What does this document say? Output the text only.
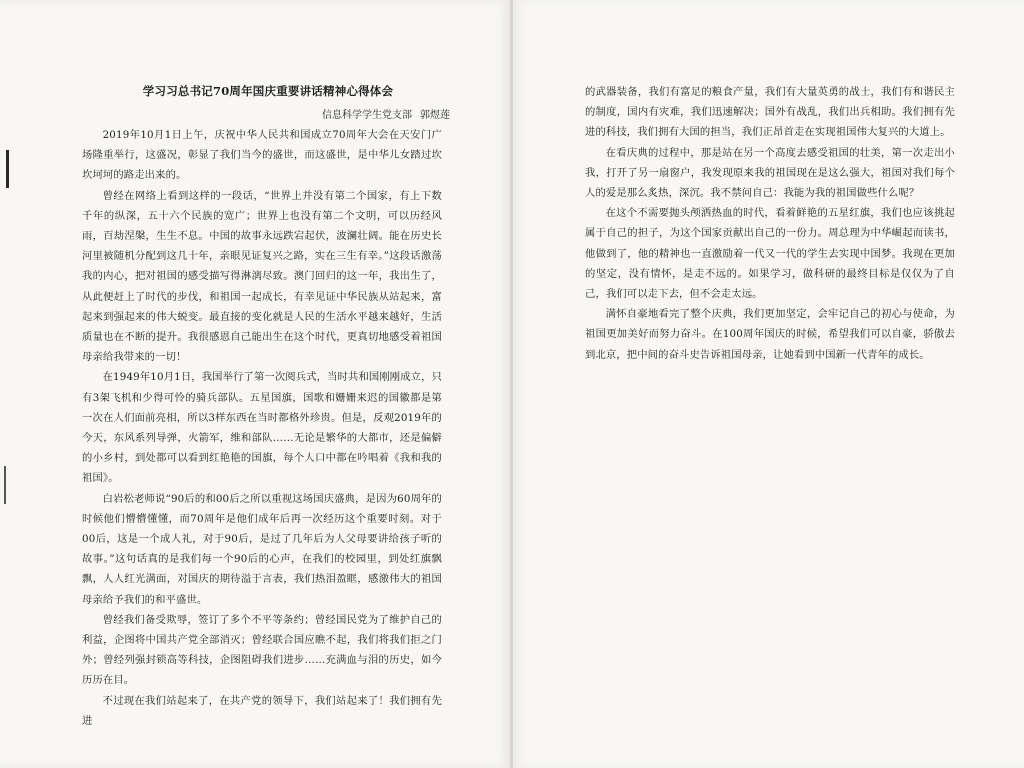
学习习总书记70周年国庆重要讲话精神心得体会
信息科学学生党支部 郭煜莲

2019年10月1日上午，庆祝中华人民共和国成立70周年大会在天安门广场隆重举行，这盛况，彰显了我们当今的盛世，而这盛世，是中华儿女踏过坎坎坷坷的路走出来的。

曾经在网络上看到这样的一段话，“世界上并没有第二个国家，有上下数千年的纵深，五十六个民族的宽广；世界上也没有第二个文明，可以历经风雨，百劫涅槃，生生不息。中国的故事永远跌宕起伏，波澜壮阔。能在历史长河里被随机分配到这几十年，亲眼见证复兴之路，实在三生有幸。”这段话激荡我的内心，把对祖国的感受描写得淋漓尽致。澳门回归的这一年，我出生了，从此便赶上了时代的步伐，和祖国一起成长，有幸见证中华民族从站起来，富起来到强起来的伟大蜕变。最直接的变化就是人民的生活水平越来越好，生活质量也在不断的提升。我很感恩自己能出生在这个时代，更真切地感受着祖国母亲给我带来的一切！

在1949年10月1日，我国举行了第一次阅兵式，当时共和国刚刚成立，只有3架飞机和少得可怜的骑兵部队。五星国旗，国歌和姗姗来迟的国徽都是第一次在人们面前亮相，所以3样东西在当时都格外珍贵。但是，反观2019年的今天，东风系列导弹，火箭军，维和部队……无论是繁华的大都市，还是偏僻的小乡村，到处都可以看到红艳艳的国旗，每个人口中都在吟唱着《我和我的祖国》。

白岩松老师说“90后的和00后之所以重视这场国庆盛典，是因为60周年的时候他们懵懵懂懂，而70周年是他们成年后再一次经历这个重要时刻。对于00后，这是一个成人礼，对于90后，是过了几年后为人父母要讲给孩子听的故事。”这句话真的是我们每一个90后的心声，在我们的校园里，到处红旗飘飘，人人红光满面，对国庆的期待溢于言表，我们热泪盈眶，感激伟大的祖国母亲给予我们的和平盛世。

曾经我们备受欺辱，签订了多个不平等条约；曾经国民党为了维护自己的利益，企图将中国共产党全部消灭；曾经联合国应瞧不起，我们将我们拒之门外；曾经列强封锁高等科技，企图阻碍我们进步……充满血与泪的历史，如今历历在目。

不过现在我们站起来了，在共产党的领导下，我们站起来了！我们拥有先进

的武器装备，我们有富足的粮食产量，我们有大量英勇的战士，我们有和谐民主的制度，国内有灾难，我们迅速解决；国外有战乱，我们出兵相助。我们拥有先进的科技，我们拥有大国的担当，我们正昂首走在实现祖国伟大复兴的大道上。

在看庆典的过程中，那是站在另一个高度去感受祖国的壮美，第一次走出小我，打开了另一扇窗户，我发现原来我的祖国现在是这么强大，祖国对我们每个人的爱是那么炙热，深沉。我不禁问自己：我能为我的祖国做些什么呢？

在这个不需要抛头颅洒热血的时代，看着鲜艳的五星红旗，我们也应该挑起属于自己的担子，为这个国家贡献出自己的一份力。周总理为中华崛起而读书，他做到了，他的精神也一直激励着一代又一代的学生去实现中国梦。我现在更加的坚定，没有情怀，是走不远的。如果学习，做科研的最终目标是仅仅为了自己，我们可以走下去，但不会走太远。

满怀自豪地看完了整个庆典，我们更加坚定，会牢记自己的初心与使命，为祖国更加美好而努力奋斗。在100周年国庆的时候，希望我们可以自豪，骄傲去到北京，把中间的奋斗史告诉祖国母亲，让她看到中国新一代青年的成长。
